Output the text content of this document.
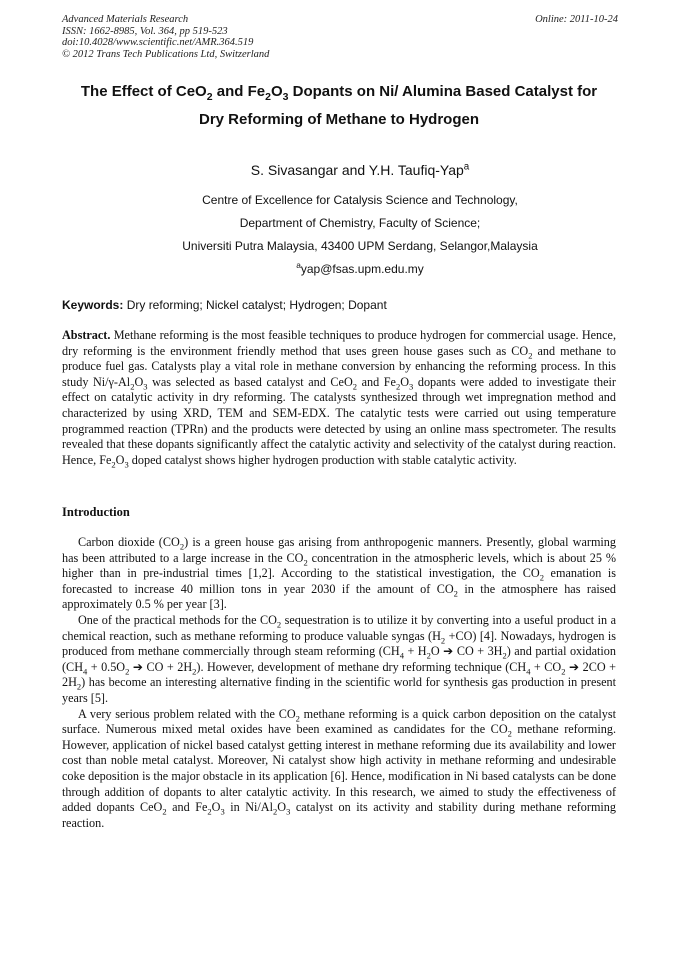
Advanced Materials Research
ISSN: 1662-8985, Vol. 364, pp 519-523
doi:10.4028/www.scientific.net/AMR.364.519
© 2012 Trans Tech Publications Ltd, Switzerland
Online: 2011-10-24
The Effect of CeO$_2$ and $Fe_2O_3$ Dopants on Ni/ Alumina Based Catalyst for
Dry Reforming of Methane to Hydrogen
S. Sivasangar and Y.H. Taufiq-Yap$^a$
Centre of Excellence for Catalysis Science and Technology,
Department of Chemistry, Faculty of Science;
Universiti Putra Malaysia, 43400 UPM Serdang, Selangor,Malaysia
$^a$yap@fsas.upm.edu.my
Keywords: Dry reforming; Nickel catalyst; Hydrogen; Dopant
Abstract. Methane reforming is the most feasible techniques to produce hydrogen for commercial usage. Hence, dry reforming is the environment friendly method that uses green house gases such as $CO_2$ and methane to produce fuel gas. Catalysts play a vital role in methane conversion by enhancing the reforming process. In this study $Ni/\gamma-Al_2O_3$ was selected as based catalyst and CeO$_2$ and $Fe_2O_3$ dopants were added to investigate their effect on catalytic activity in dry reforming. The catalysts synthesized through wet impregnation method and characterized by using XRD, TEM and SEM-EDX. The catalytic tests were carried out using temperature programmed reaction (TPRn) and the products were detected by using an online mass spectrometer. The results revealed that these dopants significantly affect the catalytic activity and selectivity of the catalyst during reaction. Hence, $Fe_2O_3$ doped catalyst shows higher hydrogen production with stable catalytic activity.
Introduction

Carbon dioxide $(CO_2)$ is a green house gas arising from anthropogenic manners. Presently, global warming has been attributed to a large increase in the $CO_2$ concentration in the atmospheric levels, which is about 25 % higher than in pre-industrial times [1,2]. According to the statistical investigation, the $CO_2$ emanation is forecasted to increase 40 million tons in year 2030 if the amount of $CO_2$ in the atmosphere has raised approximately 0.5 % per year [3].

One of the practical methods for the $CO_2$ sequestration is to utilize it by converting into a useful product in a chemical reaction, such as methane reforming to produce valuable syngas $(H_2 +CO)$ [4]. Nowadays, hydrogen is produced from methane commercially through steam reforming ($CH_4 + H_2O$ ➔ CO + $3H_2$) and partial oxidation ($CH_4 + 0.5O_2$ ➔ CO + $2H_2$). However, development of methane dry reforming technique ($CH_4 + CO_2$ ➔ $2CO + 2H_2$) has become an interesting alternative finding in the scientific world for synthesis gas production in present years [5].

A very serious problem related with the $CO_2$ methane reforming is a quick carbon deposition on the catalyst surface. Numerous mixed metal oxides have been examined as candidates for the $CO_2$ methane reforming. However, application of nickel based catalyst getting interest in methane reforming due its availability and lower cost than noble metal catalyst. Moreover, Ni catalyst show high activity in methane reforming and undesirable coke deposition is the major obstacle in its application [6]. Hence, modification in Ni based catalysts can be done through addition of dopants to alter catalytic activity. In this research, we aimed to study the effectiveness of added dopants CeO$_2$ and $Fe_2O_3$ in $Ni/Al_2O_3$ catalyst on its activity and stability during methane reforming reaction.
